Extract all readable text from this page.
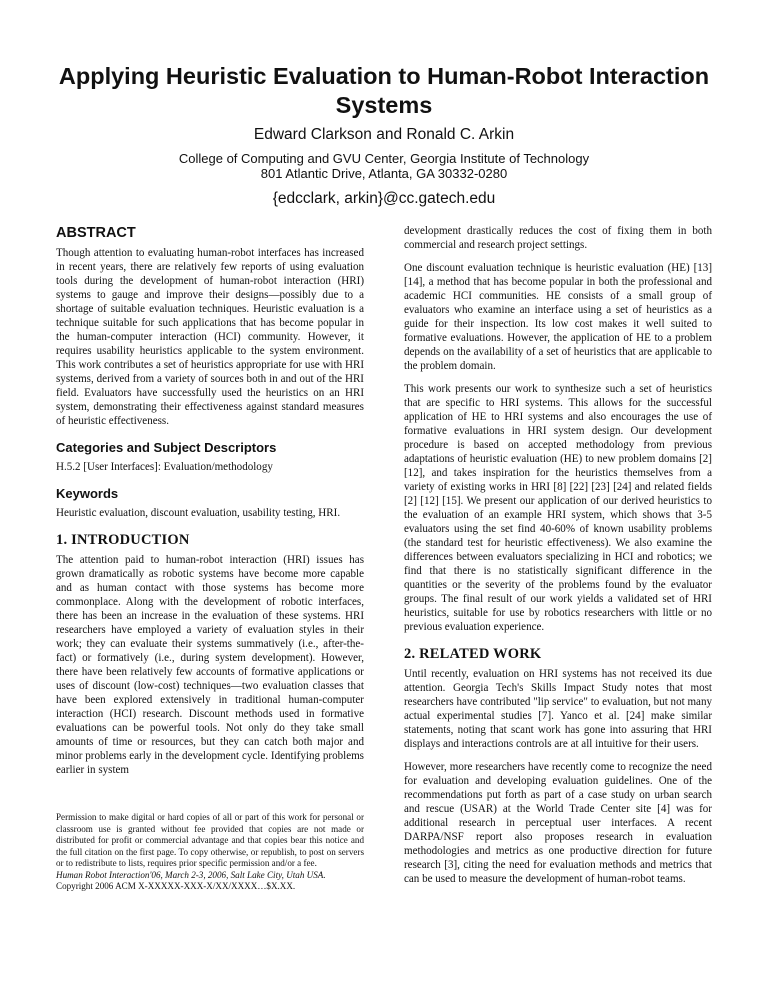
Applying Heuristic Evaluation to Human-Robot Interaction Systems
Edward Clarkson and Ronald C. Arkin
College of Computing and GVU Center, Georgia Institute of Technology
801 Atlantic Drive, Atlanta, GA 30332-0280
{edcclark, arkin}@cc.gatech.edu
ABSTRACT

Though attention to evaluating human-robot interfaces has increased in recent years, there are relatively few reports of using evaluation tools during the development of human-robot interaction (HRI) systems to gauge and improve their designs—possibly due to a shortage of suitable evaluation techniques. Heuristic evaluation is a technique suitable for such applications that has become popular in the human-computer interaction (HCI) community. However, it requires usability heuristics applicable to the system environment. This work contributes a set of heuristics appropriate for use with HRI systems, derived from a variety of sources both in and out of the HRI field. Evaluators have successfully used the heuristics on an HRI system, demonstrating their effectiveness against standard measures of heuristic effectiveness.

Categories and Subject Descriptors

H.5.2 [User Interfaces]: Evaluation/methodology

Keywords

Heuristic evaluation, discount evaluation, usability testing, HRI.

1. INTRODUCTION

The attention paid to human-robot interaction (HRI) issues has grown dramatically as robotic systems have become more capable and as human contact with those systems has become more commonplace. Along with the development of robotic interfaces, there has been an increase in the evaluation of these systems. HRI researchers have employed a variety of evaluation styles in their work; they can evaluate their systems summatively (i.e., after-the-fact) or formatively (i.e., during system development). However, there have been relatively few accounts of formative applications or uses of discount (low-cost) techniques—two evaluation classes that have been explored extensively in traditional human-computer interaction (HCI) research. Discount methods used in formative evaluations can be powerful tools. Not only do they take small amounts of time or resources, but they can catch both major and minor problems early in the development cycle. Identifying problems earlier in system

Permission to make digital or hard copies of all or part of this work for personal or classroom use is granted without fee provided that copies are not made or distributed for profit or commercial advantage and that copies bear this notice and the full citation on the first page. To copy otherwise, or republish, to post on servers or to redistribute to lists, requires prior specific permission and/or a fee.
Human Robot Interaction'06, March 2-3, 2006, Salt Lake City, Utah USA.
Copyright 2006 ACM X-XXXXX-XXX-X/XX/XXXX…$X.XX.

development drastically reduces the cost of fixing them in both commercial and research project settings.

One discount evaluation technique is heuristic evaluation (HE) [13] [14], a method that has become popular in both the professional and academic HCI communities. HE consists of a small group of evaluators who examine an interface using a set of heuristics as a guide for their inspection. Its low cost makes it well suited to formative evaluations. However, the application of HE to a problem depends on the availability of a set of heuristics that are applicable to the problem domain.

This work presents our work to synthesize such a set of heuristics that are specific to HRI systems. This allows for the successful application of HE to HRI systems and also encourages the use of formative evaluations in HRI system design. Our development procedure is based on accepted methodology from previous adaptations of heuristic evaluation (HE) to new problem domains [2] [12], and takes inspiration for the heuristics themselves from a variety of existing works in HRI [8] [22] [23] [24] and related fields [2] [12] [15]. We present our application of our derived heuristics to the evaluation of an example HRI system, which shows that 3-5 evaluators using the set find 40-60% of known usability problems (the standard test for heuristic effectiveness). We also examine the differences between evaluators specializing in HCI and robotics; we find that there is no statistically significant difference in the quantities or the severity of the problems found by the evaluator groups. The final result of our work yields a validated set of HRI heuristics, suitable for use by robotics researchers with little or no previous evaluation experience.

2. RELATED WORK

Until recently, evaluation on HRI systems has not received its due attention. Georgia Tech's Skills Impact Study notes that most researchers have contributed "lip service" to evaluation, but not many actual experimental studies [7]. Yanco et al. [24] make similar statements, noting that scant work has gone into assuring that HRI displays and interactions controls are at all intuitive for their users.

However, more researchers have recently come to recognize the need for evaluation and developing evaluation guidelines. One of the recommendations put forth as part of a case study on urban search and rescue (USAR) at the World Trade Center site [4] was for additional research in perceptual user interfaces. A recent DARPA/NSF report also proposes research in evaluation methodologies and metrics as one productive direction for future research [3], citing the need for evaluation methods and metrics that can be used to measure the development of human-robot teams.
